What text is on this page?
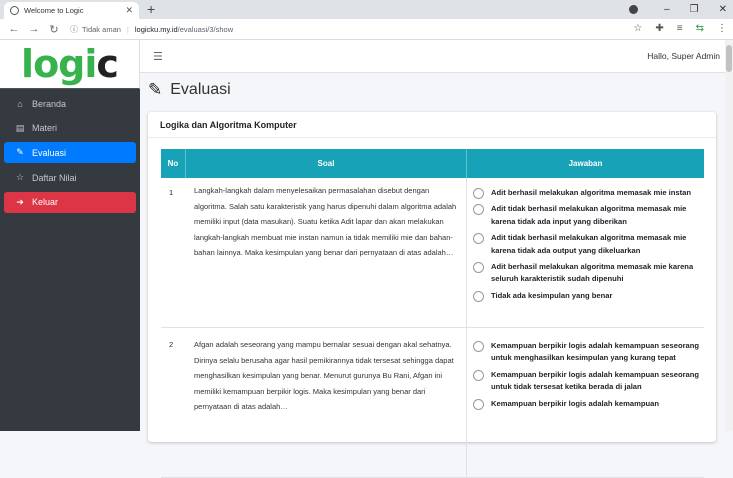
Welcome to Logic	✕ +	– ❐ ✕
← → ↻ ⓘ Tidak aman | logicku.my.id /evaluasi/3/show	☆ ✚ ≡ ⇆ ⋮
logic
⌂	Beranda
▤ Materi
✎ Evaluasi
☆ Daftar Nilai
➜ Keluar
☰	Hallo, Super Admin
✎ Evaluasi
Logika dan Algoritma Komputer
No	Soal	Jawaban
1	Langkah-langkah dalam menyelesaikan permasalahan disebut dengan algoritma. Salah satu karakteristik yang harus dipenuhi dalam algoritma adalah memiliki input (data masukan). Suatu ketika Adit lapar dan akan melakukan langkah-langkah membuat mie instan namun ia tidak memiliki mie dan bahan-bahan lainnya. Maka kesimpulan yang benar dari pernyataan di atas adalah…
Adit berhasil melakukan algoritma memasak mie instan
Adit tidak berhasil melakukan algoritma memasak mie karena tidak ada input yang diberikan
Adit tidak berhasil melakukan algoritma memasak mie karena tidak ada output yang dikeluarkan
Adit berhasil melakukan algoritma memasak mie karena seluruh karakteristik sudah dipenuhi
Tidak ada kesimpulan yang benar
2	Afgan adalah seseorang yang mampu bernalar sesuai dengan akal sehatnya. Dirinya selalu berusaha agar hasil pemikirannya tidak tersesat sehingga dapat menghasilkan kesimpulan yang benar. Menurut gurunya Bu Rani, Afgan ini memiliki kemampuan berpikir logis. Maka kesimpulan yang benar dari pernyataan di atas adalah…
Kemampuan berpikir logis adalah kemampuan seseorang untuk menghasilkan kesimpulan yang kurang tepat
Kemampuan berpikir logis adalah kemampuan seseorang untuk tidak tersesat ketika berada di jalan
Kemampuan berpikir logis adalah kemampuan
